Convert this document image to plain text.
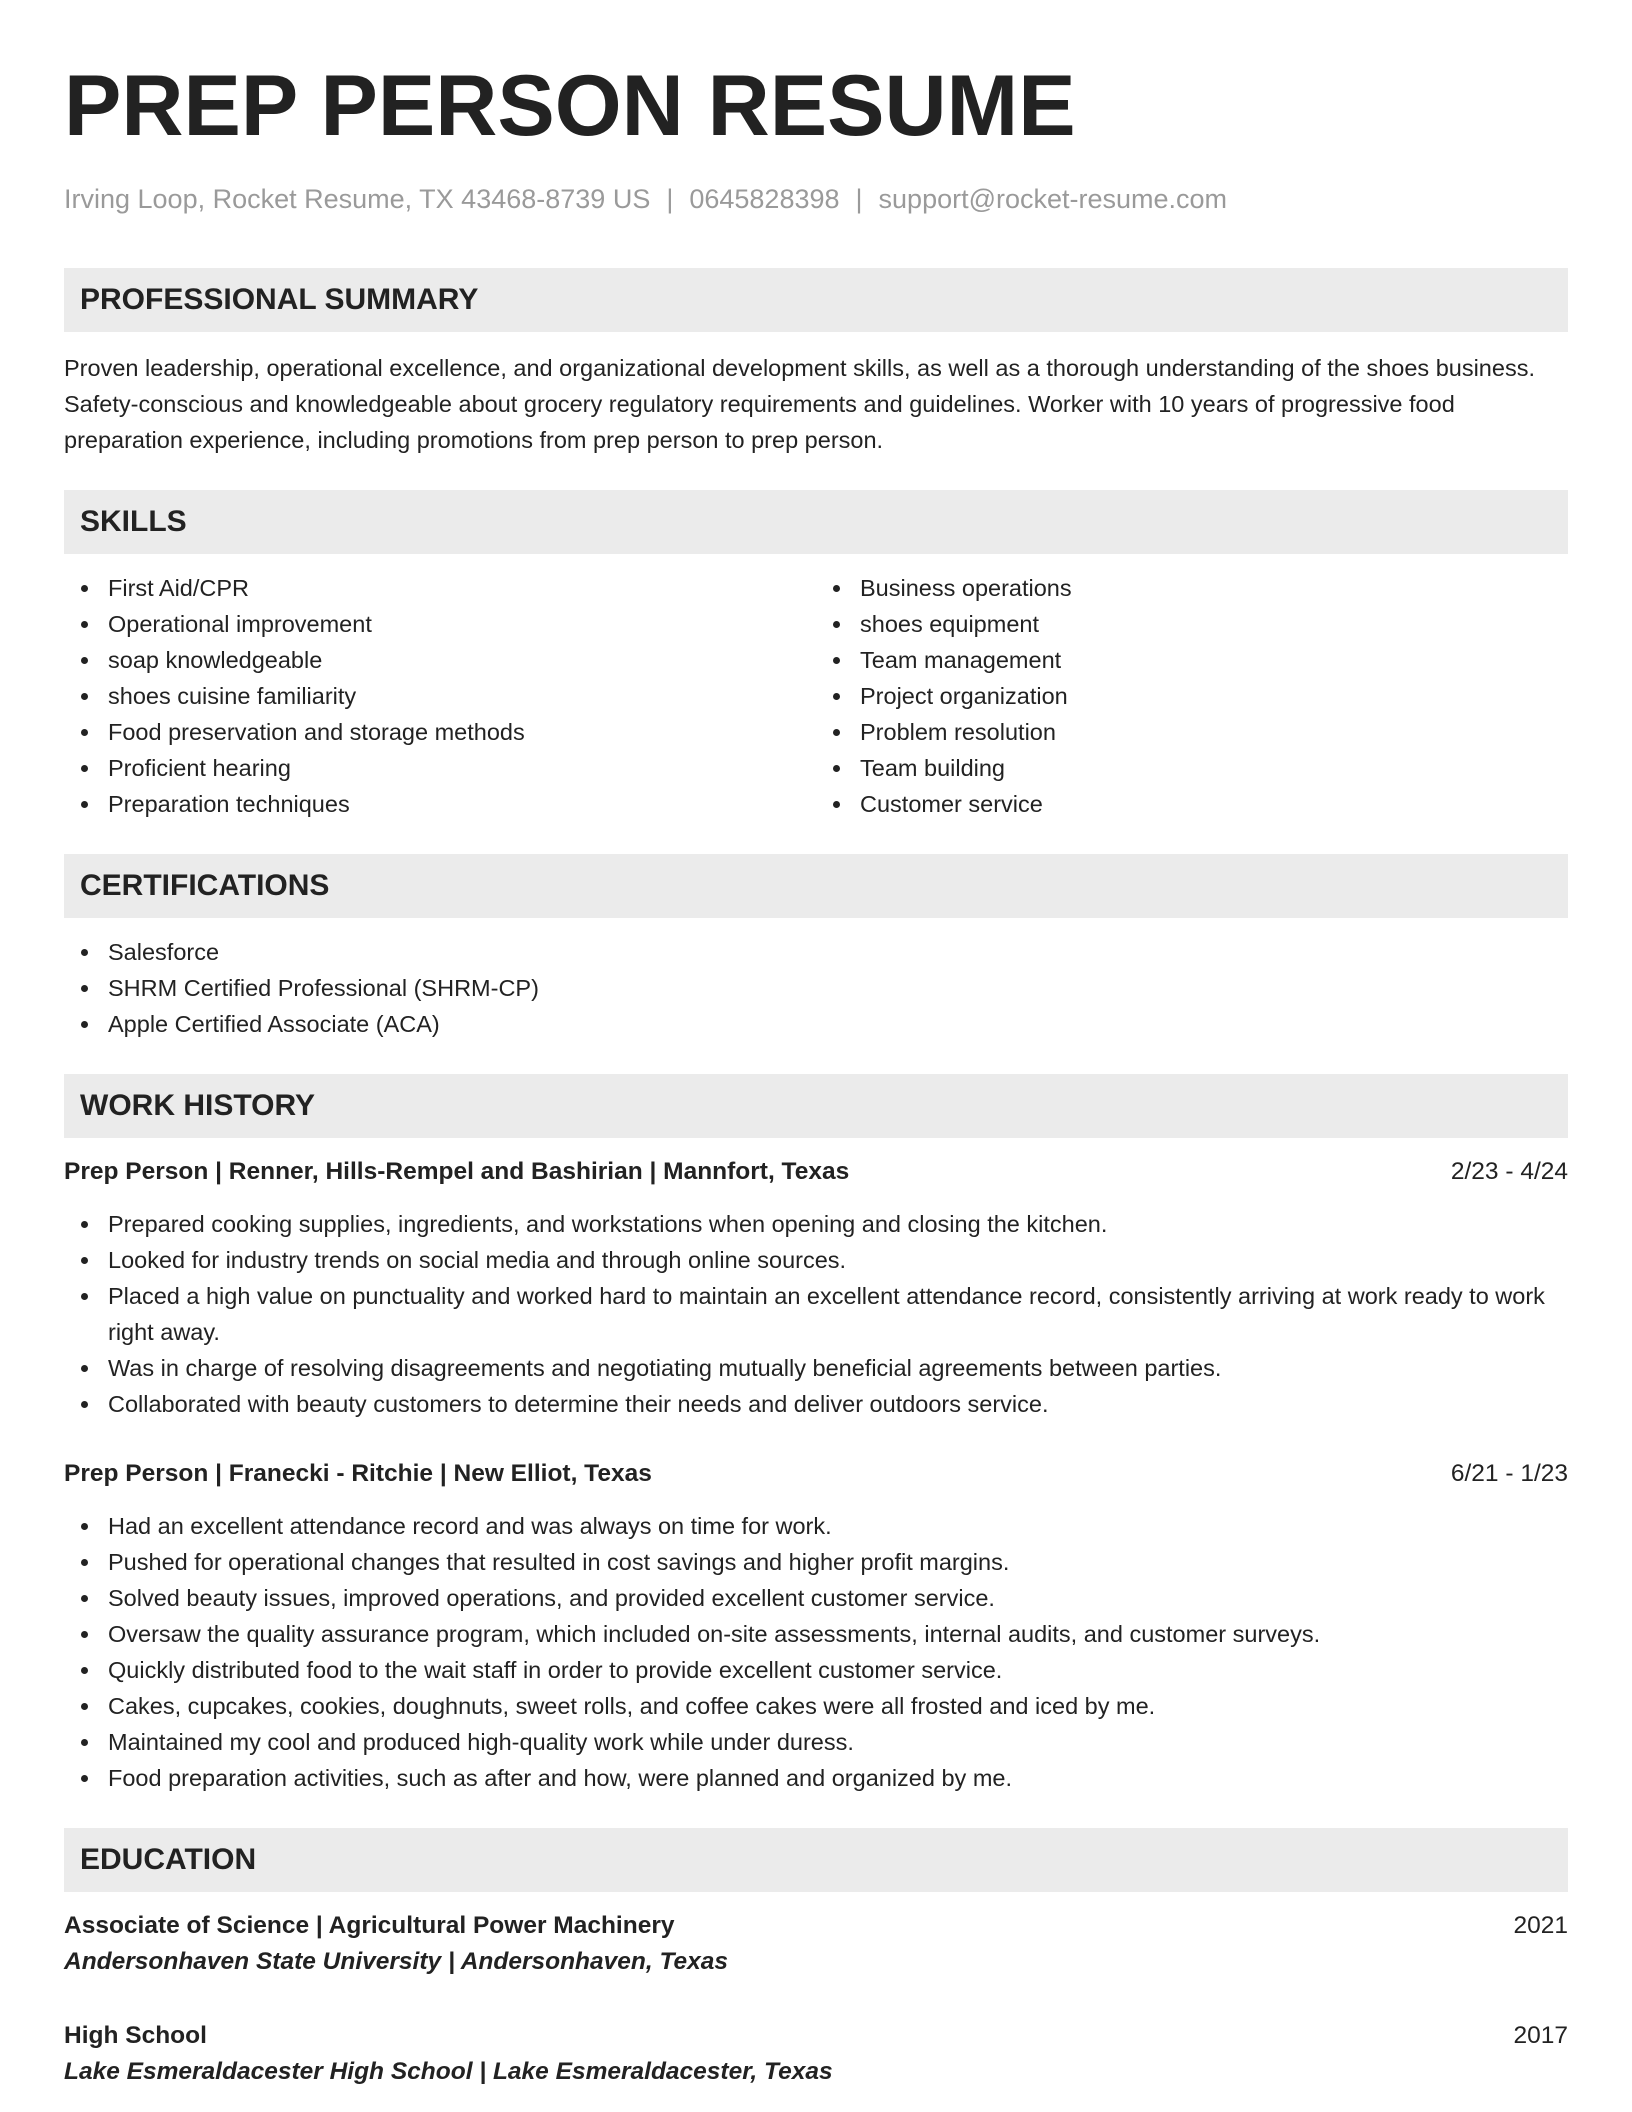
PREP PERSON RESUME
Irving Loop, Rocket Resume, TX 43468-8739 US | 0645828398 | support@rocket-resume.com
PROFESSIONAL SUMMARY

Proven leadership, operational excellence, and organizational development skills, as well as a thorough understanding of the shoes business. Safety-conscious and knowledgeable about grocery regulatory requirements and guidelines. Worker with 10 years of progressive food preparation experience, including promotions from prep person to prep person.

SKILLS
First Aid/CPR
Operational improvement
soap knowledgeable
shoes cuisine familiarity
Food preservation and storage methods
Proficient hearing
Preparation techniques
Business operations
shoes equipment
Team management
Project organization
Problem resolution
Team building
Customer service
CERTIFICATIONS
Salesforce
SHRM Certified Professional (SHRM-CP)
Apple Certified Associate (ACA)
WORK HISTORY
Prep Person | Renner, Hills-Rempel and Bashirian | Mannfort, Texas	2/23 - 4/24
Prepared cooking supplies, ingredients, and workstations when opening and closing the kitchen.
Looked for industry trends on social media and through online sources.
Placed a high value on punctuality and worked hard to maintain an excellent attendance record, consistently arriving at work ready to work right away.
Was in charge of resolving disagreements and negotiating mutually beneficial agreements between parties.
Collaborated with beauty customers to determine their needs and deliver outdoors service.
Prep Person | Franecki - Ritchie | New Elliot, Texas	6/21 - 1/23
Had an excellent attendance record and was always on time for work.
Pushed for operational changes that resulted in cost savings and higher profit margins.
Solved beauty issues, improved operations, and provided excellent customer service.
Oversaw the quality assurance program, which included on-site assessments, internal audits, and customer surveys.
Quickly distributed food to the wait staff in order to provide excellent customer service.
Cakes, cupcakes, cookies, doughnuts, sweet rolls, and coffee cakes were all frosted and iced by me.
Maintained my cool and produced high-quality work while under duress.
Food preparation activities, such as after and how, were planned and organized by me.
EDUCATION
Associate of Science | Agricultural Power Machinery	2021
Andersonhaven State University | Andersonhaven, Texas
High School	2017
Lake Esmeraldacester High School | Lake Esmeraldacester, Texas
